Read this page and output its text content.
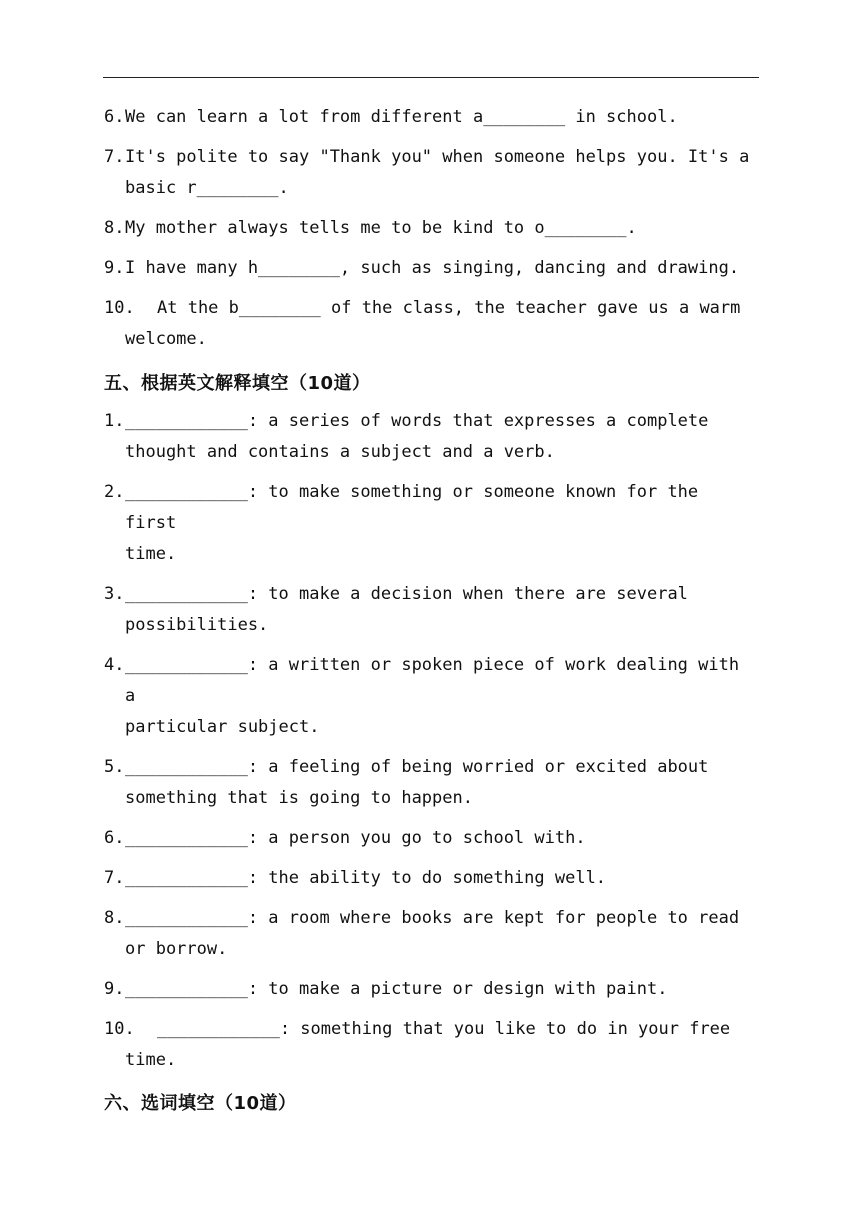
6. We can learn a lot from different a________ in school.
7. It's polite to say "Thank you" when someone helps you. It's a
basic r________.
8. My mother always tells me to be kind to o________.
9. I have many h________, such as singing, dancing and drawing.
10.	At the b________ of the class, the teacher gave us a warm
welcome.
五、根据英文解释填空（10道）
1. ____________: a series of words that expresses a complete
thought and contains a subject and a verb.
2. ____________: to make something or someone known for the first
time.
3. ____________: to make a decision when there are several
possibilities.
4. ____________: a written or spoken piece of work dealing with a
particular subject.
5. ____________: a feeling of being worried or excited about
something that is going to happen.
6. ____________: a person you go to school with.
7. ____________: the ability to do something well.
8. ____________: a room where books are kept for people to read
or borrow.
9. ____________: to make a picture or design with paint.
10.	____________: something that you like to do in your free
time.
六、选词填空（10道）
